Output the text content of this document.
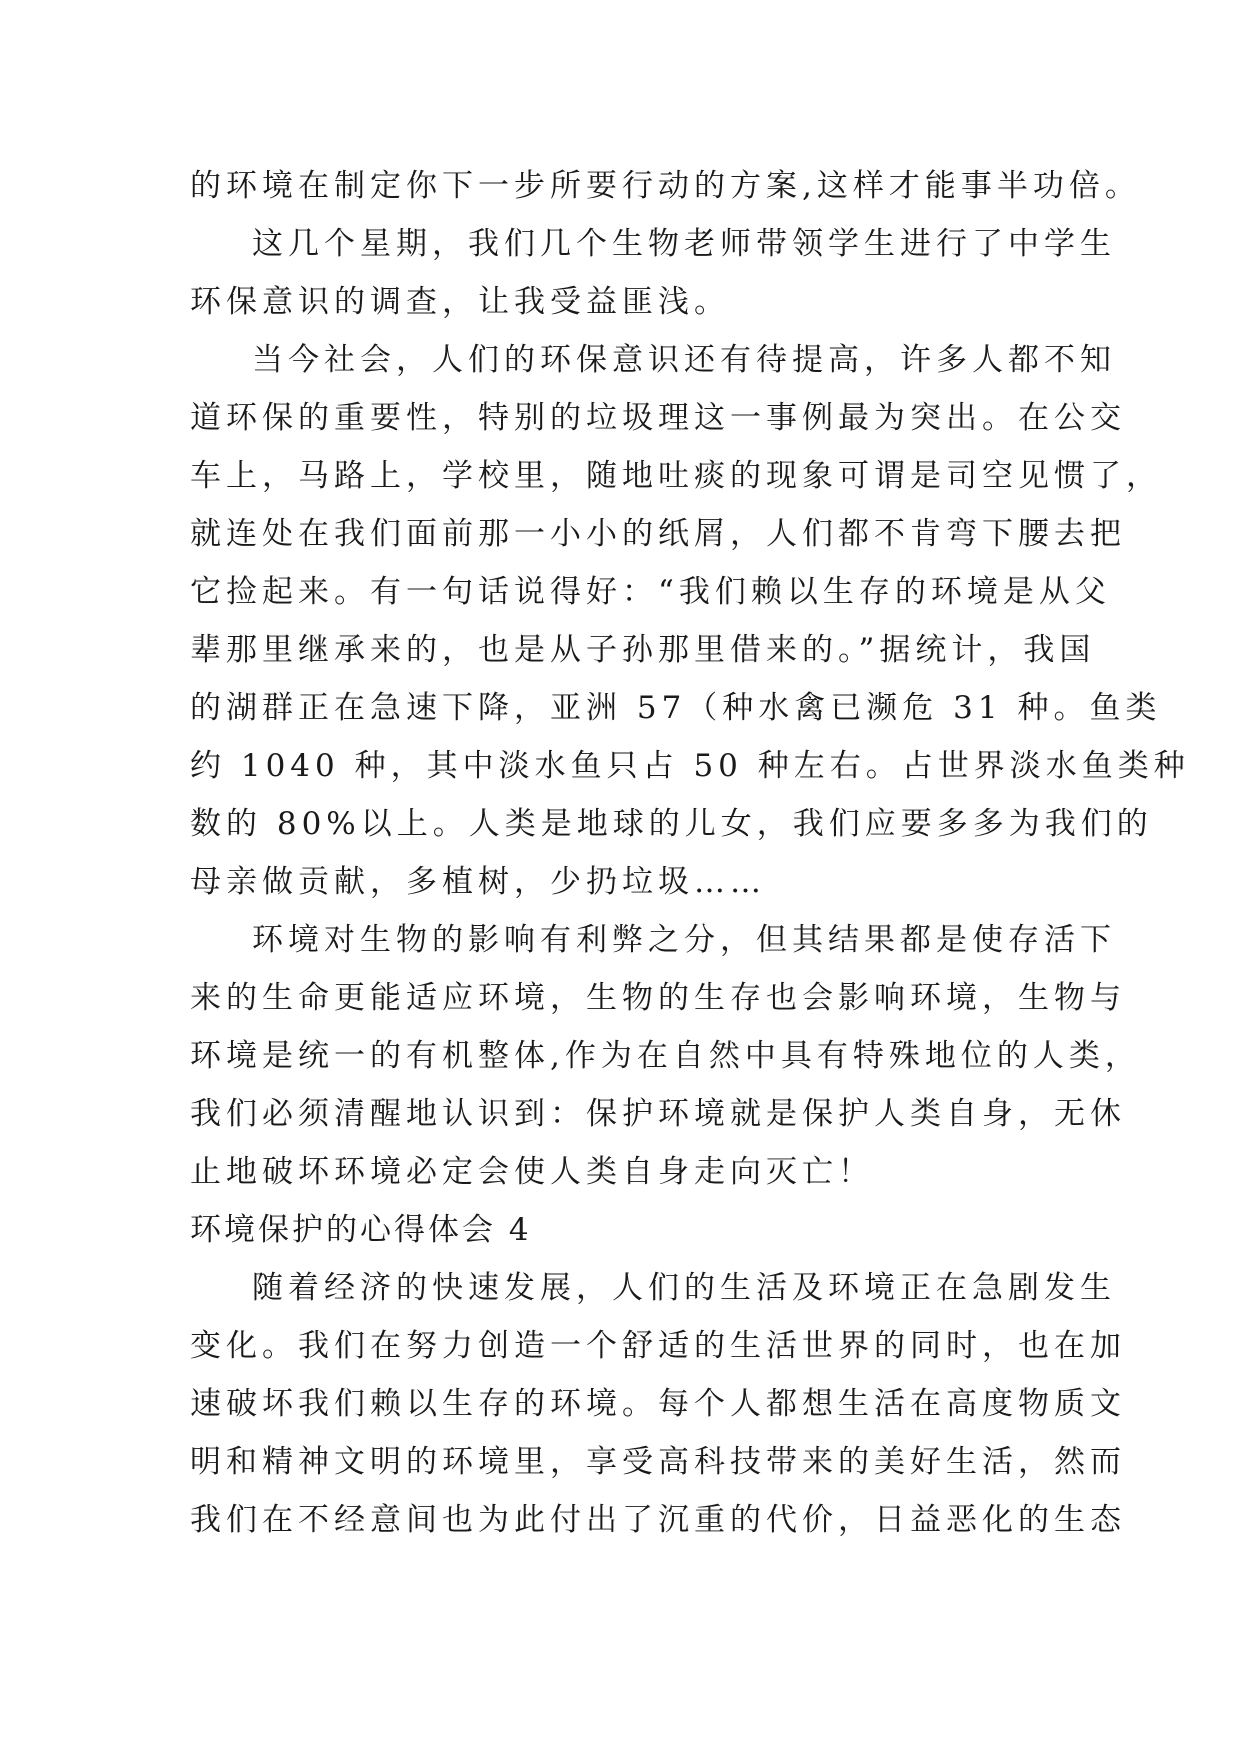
的环境在制定你下一步所要行动的方案,这样才能事半功倍。
这几个星期，我们几个生物老师带领学生进行了中学生
环保意识的调查，让我受益匪浅。
当今社会，人们的环保意识还有待提高，许多人都不知
道环保的重要性，特别的垃圾理这一事例最为突出。在公交
车上，马路上，学校里，随地吐痰的现象可谓是司空见惯了，
就连处在我们面前那一小小的纸屑，人们都不肯弯下腰去把
它捡起来。有一句话说得好：“我们赖以生存的环境是从父
辈那里继承来的，也是从子孙那里借来的。”据统计，我国
的湖群正在急速下降，亚洲 57（种水禽已濒危 31 种。鱼类
约 1040 种，其中淡水鱼只占 50 种左右。占世界淡水鱼类种
数的 80%以上。人类是地球的儿女，我们应要多多为我们的
母亲做贡献，多植树，少扔垃圾……
环境对生物的影响有利弊之分，但其结果都是使存活下
来的生命更能适应环境，生物的生存也会影响环境，生物与
环境是统一的有机整体,作为在自然中具有特殊地位的人类，
我们必须清醒地认识到：保护环境就是保护人类自身，无休
止地破坏环境必定会使人类自身走向灭亡！
环境保护的心得体会 4
随着经济的快速发展，人们的生活及环境正在急剧发生
变化。我们在努力创造一个舒适的生活世界的同时，也在加
速破坏我们赖以生存的环境。每个人都想生活在高度物质文
明和精神文明的环境里，享受高科技带来的美好生活，然而
我们在不经意间也为此付出了沉重的代价，日益恶化的生态
